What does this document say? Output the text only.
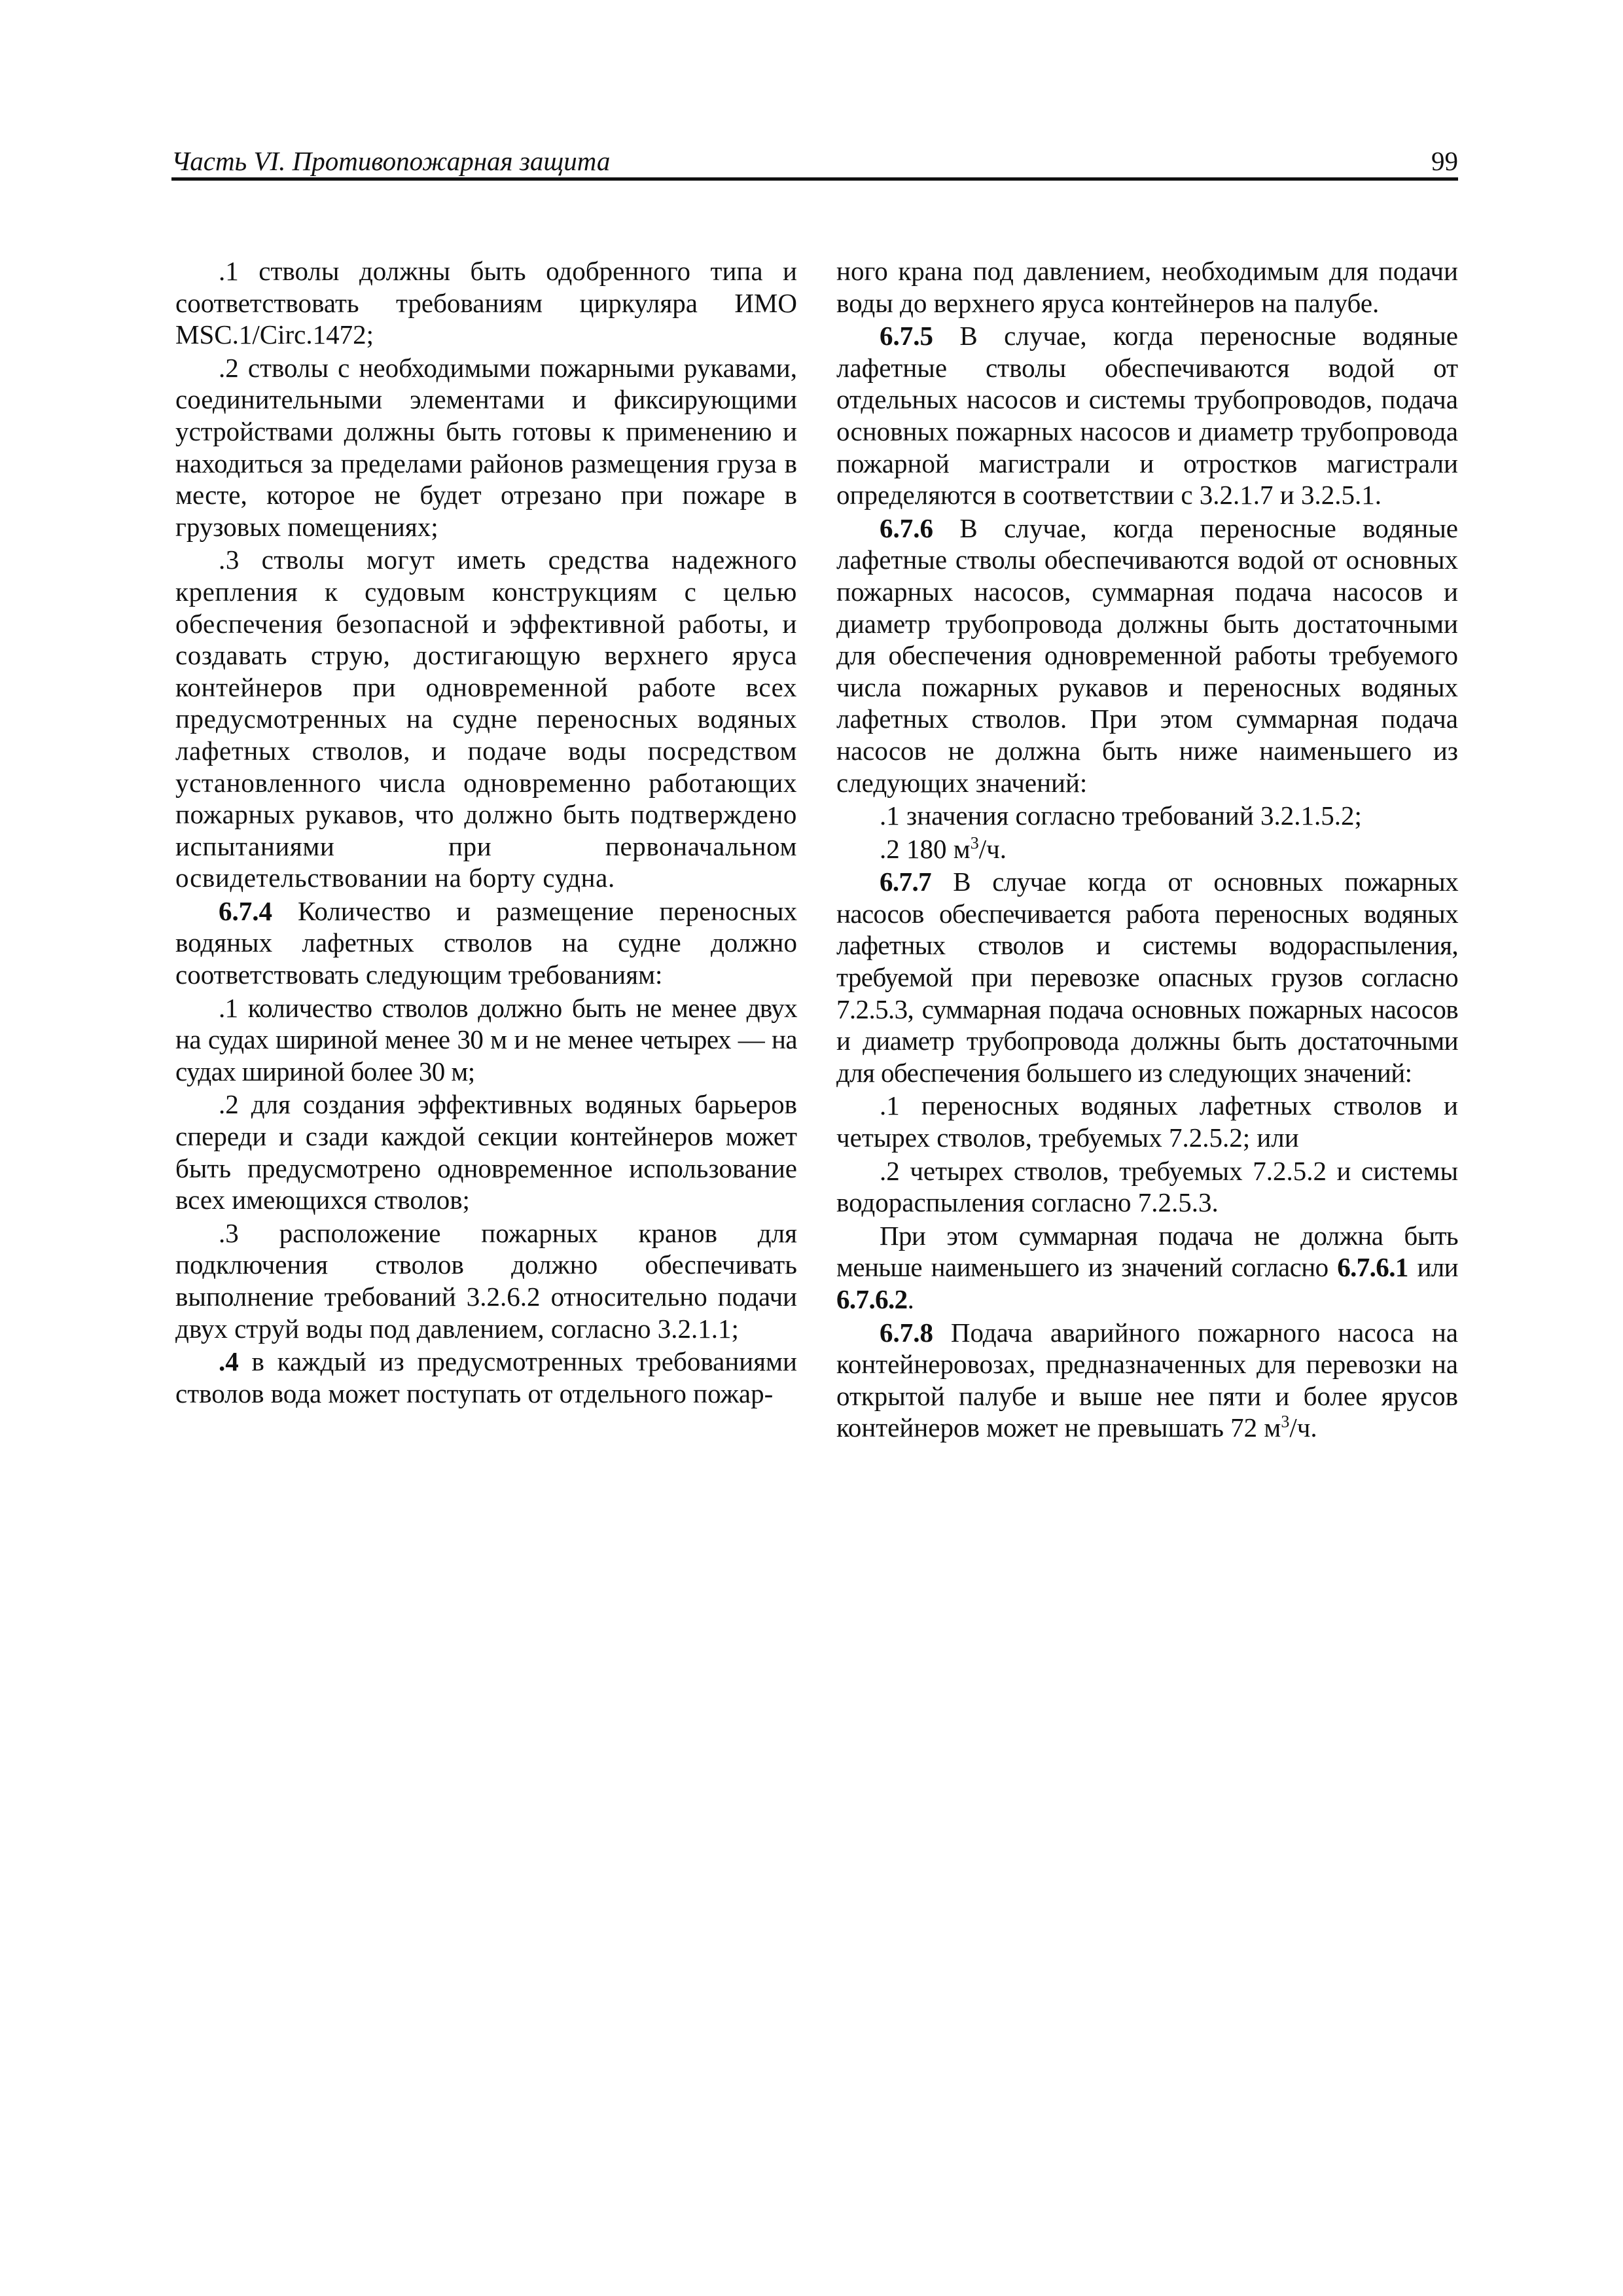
Часть VI. Противопожарная защита	99

.1 стволы должны быть одобренного типа и соответствовать требованиям циркуляра ИМО MSC.1/Circ.1472;

.2 стволы с необходимыми пожарными рукавами, соединительными элементами и фиксирующими устройствами должны быть готовы к применению и находиться за пределами районов размещения груза в месте, которое не будет отрезано при пожаре в грузовых помещениях;

.3 стволы могут иметь средства надежного крепления к судовым конструкциям с целью обеспечения безопасной и эффективной работы, и создавать струю, достигающую верхнего яруса контейнеров при одновременной работе всех предусмотренных на судне переносных водяных лафетных стволов, и подаче воды посредством установленного числа одновременно работающих пожарных рукавов, что должно быть подтверждено испытаниями при первоначальном освидетельствовании на борту судна.

6.7.4 Количество и размещение переносных водяных лафетных стволов на судне должно соответствовать следующим требованиям:

.1 количество стволов должно быть не менее двух на судах шириной менее 30 м и не менее четырех — на судах шириной более 30 м;

.2 для создания эффективных водяных барьеров спереди и сзади каждой секции контейнеров может быть предусмотрено одновременное использование всех имеющихся стволов;

.3 расположение пожарных кранов для подключения стволов должно обеспечивать выполнение требований 3.2.6.2 относительно подачи двух струй воды под давлением, согласно 3.2.1.1;

.4 в каждый из предусмотренных требованиями стволов вода может поступать от отдельного пожар-

ного крана под давлением, необходимым для подачи воды до верхнего яруса контейнеров на палубе.

6.7.5 В случае, когда переносные водяные лафетные стволы обеспечиваются водой от отдельных насосов и системы трубопроводов, подача основных пожарных насосов и диаметр трубопровода пожарной магистрали и отростков магистрали определяются в соответствии с 3.2.1.7 и 3.2.5.1.

6.7.6 В случае, когда переносные водяные лафетные стволы обеспечиваются водой от основных пожарных насосов, суммарная подача насосов и диаметр трубопровода должны быть достаточными для обеспечения одновременной работы требуемого числа пожарных рукавов и переносных водяных лафетных стволов. При этом суммарная подача насосов не должна быть ниже наименьшего из следующих значений:

.1 значения согласно требований 3.2.1.5.2;

.2 180 $м^3/ч$.

6.7.7 В случае когда от основных пожарных насосов обеспечивается работа переносных водяных лафетных стволов и системы водораспыления, требуемой при перевозке опасных грузов согласно 7.2.5.3, суммарная подача основных пожарных насосов и диаметр трубопровода должны быть достаточными для обеспечения большего из следующих значений:

.1 переносных водяных лафетных стволов и четырех стволов, требуемых 7.2.5.2; или

.2 четырех стволов, требуемых 7.2.5.2 и системы водораспыления согласно 7.2.5.3.

При этом суммарная подача не должна быть меньше наименьшего из значений согласно 6.7.6.1 или 6.7.6.2.

6.7.8 Подача аварийного пожарного насоса на контейнеровозах, предназначенных для перевозки на открытой палубе и выше нее пяти и более ярусов контейнеров может не превышать 72 $м^3/ч$.
